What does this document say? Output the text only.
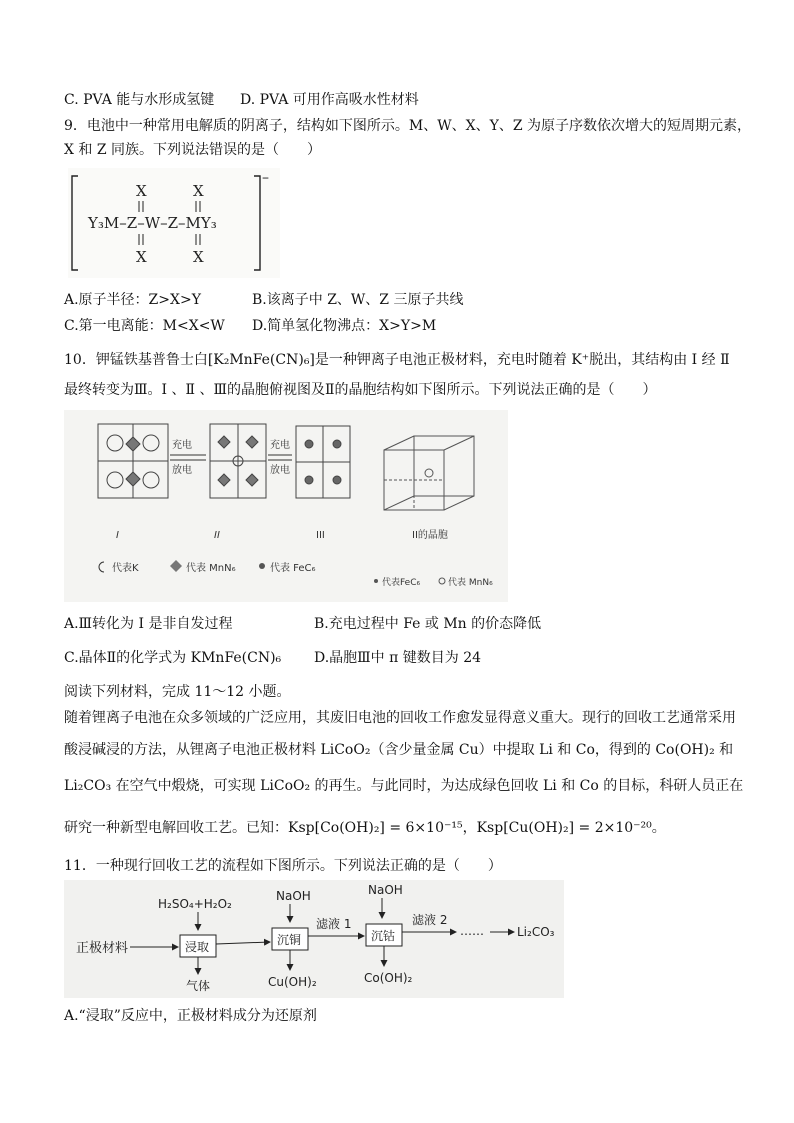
C. PVA 能与水形成氢键 D. PVA 可用作高吸水性材料
9．电池中一种常用电解质的阴离子，结构如下图所示。M、W、X、Y、Z 为原子序数依次增大的短周期元素，
X 和 Z 同族。下列说法错误的是（　　）
–
X	X
Y₃M–Z–W–Z–MY₃
X	X
A.原子半径：Z>X>Y	B.该离子中 Z、W、Z 三原子共线
C.第一电离能：M<X<W D.简单氢化物沸点：X>Y>M
10．钾锰铁基普鲁士白[K₂MnFe(CN)₆]是一种钾离子电池正极材料，充电时随着 K⁺脱出，其结构由 Ⅰ 经 Ⅱ
最终转变为Ⅲ。Ⅰ 、Ⅱ 、Ⅲ的晶胞俯视图及Ⅱ的晶胞结构如下图所示。下列说法正确的是（　　）
充电
放电
充电
放电
I	II	III	II的晶胞
代表K	代表 MnN₆	代表 FeC₆
代表FeC₆	代表 MnN₆
A.Ⅲ转化为 Ⅰ 是非自发过程	B.充电过程中 Fe 或 Mn 的价态降低
C.晶体Ⅱ的化学式为 KMnFe(CN)₆ D.晶胞Ⅲ中 π 键数目为 24
阅读下列材料，完成 11～12 小题。
随着锂离子电池在众多领域的广泛应用，其废旧电池的回收工作愈发显得意义重大。现行的回收工艺通常采用
酸浸碱浸的方法，从锂离子电池正极材料 LiCoO₂（含少量金属 Cu）中提取 Li 和 Co，得到的 Co(OH)₂ 和
Li₂CO₃ 在空气中煅烧，可实现 LiCoO₂ 的再生。与此同时，为达成绿色回收 Li 和 Co 的目标，科研人员正在
研究一种新型电解回收工艺。已知：Ksp[Co(OH)₂] = 6×10⁻¹⁵，Ksp[Cu(OH)₂] = 2×10⁻²⁰。
11．一种现行回收工艺的流程如下图所示。下列说法正确的是（　　）
H₂SO₄+H₂O₂
NaOH	NaOH
正极材料	浸取	沉铜
滤液 1
沉钴
滤液 2
……	Li₂CO₃
气体	Cu(OH)₂	Co(OH)₂
A.“浸取”反应中，正极材料成分为还原剂
